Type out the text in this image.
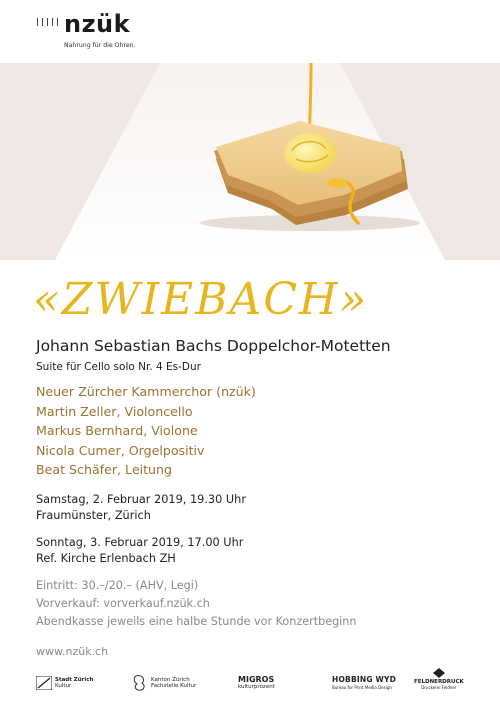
nzük
Nahrung für die Ohren.
«ZWIEBACH»
Johann Sebastian Bachs Doppelchor-Motetten
Suite für Cello solo Nr. 4 Es-Dur
Neuer Zürcher Kammerchor (nzük)
Martin Zeller, Violoncello
Markus Bernhard, Violone
Nicola Cumer, Orgelpositiv
Beat Schäfer, Leitung
Samstag, 2. Februar 2019, 19.30 Uhr
Fraumünster, Zürich
Sonntag, 3. Februar 2019, 17.00 Uhr
Ref. Kirche Erlenbach ZH
Eintritt: 30.–/20.– (AHV, Legi)
Vorverkauf: vorverkauf.nzük.ch
Abendkasse jeweils eine halbe Stunde vor Konzertbeginn
www.nzük.ch
Stadt Zürich
Kultur
Kanton Zürich
Fachstelle Kultur
MIGROS
kulturprozent
HOBBING WYD
Bureau for Print Media Design
FELDNERDRUCK
Druckerei Feldner
